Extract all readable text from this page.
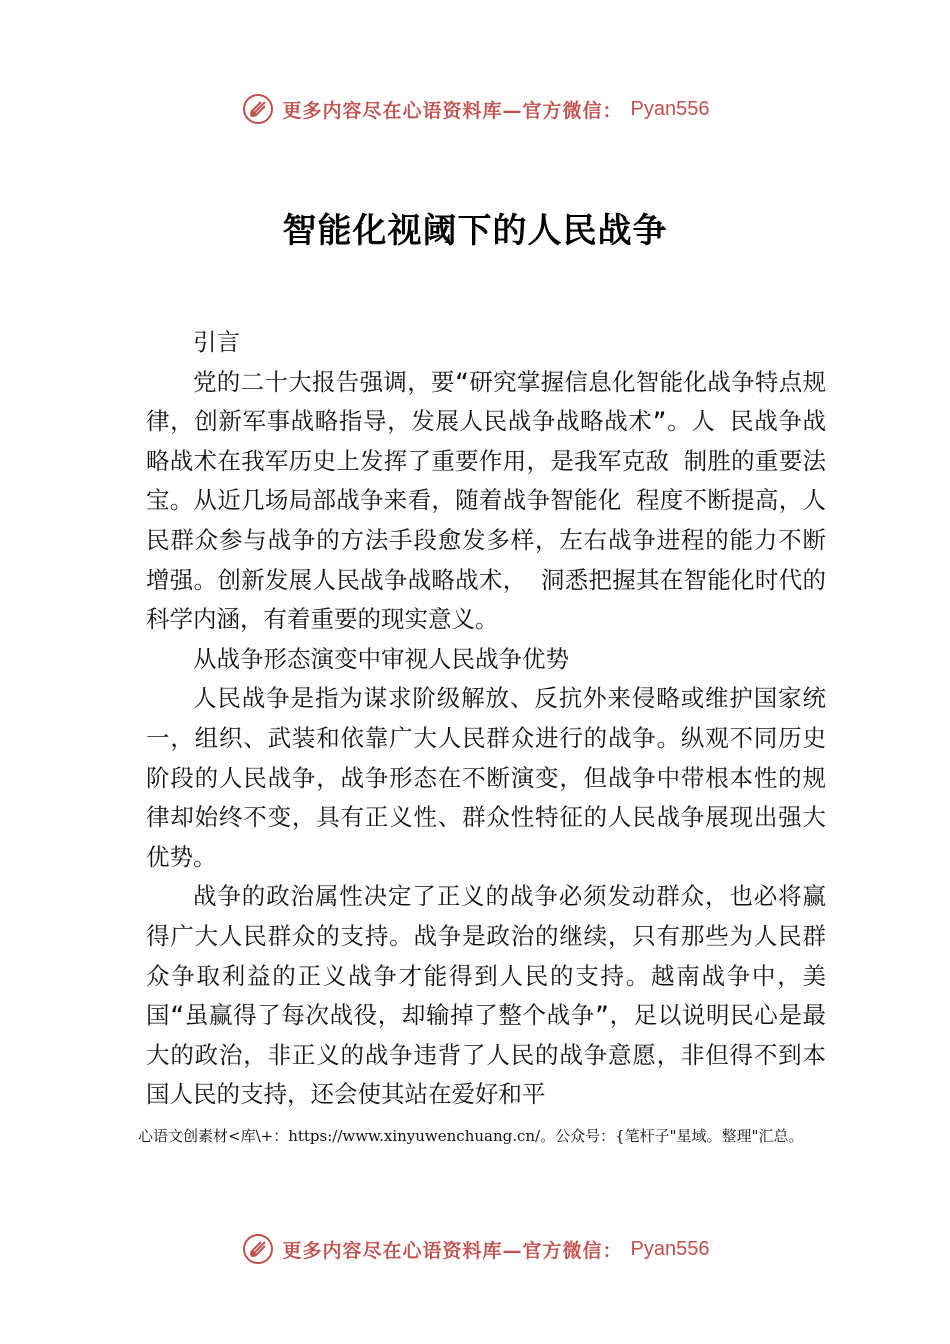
更多内容尽在心语资料库—官方微信： Pyan556
智能化视阈下的人民战争

引言

党的二十大报告强调，要“研究掌握信息化智能化战争特点规律，创新军事战略指导，发展人民战争战略战术”。人 民战争战略战术在我军历史上发挥了重要作用，是我军克敌 制胜的重要法宝。从近几场局部战争来看，随着战争智能化 程度不断提高，人民群众参与战争的方法手段愈发多样，左右战争进程的能力不断增强。创新发展人民战争战略战术， 洞悉把握其在智能化时代的科学内涵，有着重要的现实意义。

从战争形态演变中审视人民战争优势

人民战争是指为谋求阶级解放、反抗外来侵略或维护国家统一，组织、武装和依靠广大人民群众进行的战争。纵观不同历史阶段的人民战争，战争形态在不断演变，但战争中带根本性的规律却始终不变，具有正义性、群众性特征的人民战争展现出强大优势。

战争的政治属性决定了正义的战争必须发动群众，也必将赢得广大人民群众的支持。战争是政治的继续，只有那些为人民群众争取利益的正义战争才能得到人民的支持。越南战争中，美国“虽赢得了每次战役，却输掉了整个战争”，足以说明民心是最大的政治，非正义的战争违背了人民的战争意愿，非但得不到本国人民的支持，还会使其站在爱好和平

心语文创素材<库\+：https://www.xinyuwenchuang.cn/。公众号：{笔杆子"星域。整理"汇总。
更多内容尽在心语资料库—官方微信： Pyan556
